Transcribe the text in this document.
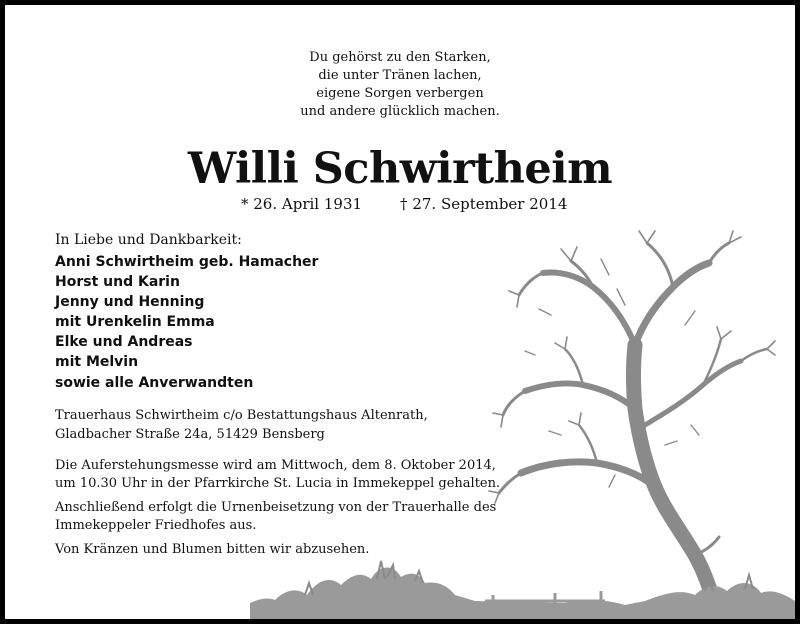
Du gehörst zu den Starken,
die unter Tränen lachen,
eigene Sorgen verbergen
und andere glücklich machen.
Willi Schwirtheim
* 26. April 1931	† 27. September 2014
In Liebe und Dankbarkeit:
Anni Schwirtheim geb. Hamacher
Horst und Karin
Jenny und Henning
mit Urenkelin Emma
Elke und Andreas
mit Melvin
sowie alle Anverwandten
Trauerhaus Schwirtheim c/o Bestattungshaus Altenrath,
Gladbacher Straße 24a, 51429 Bensberg
Die Auferstehungsmesse wird am Mittwoch, dem 8. Oktober 2014,
um 10.30 Uhr in der Pfarrkirche St. Lucia in Immekeppel gehalten.
Anschließend erfolgt die Urnenbeisetzung von der Trauerhalle des
Immekeppeler Friedhofes aus.
Von Kränzen und Blumen bitten wir abzusehen.
